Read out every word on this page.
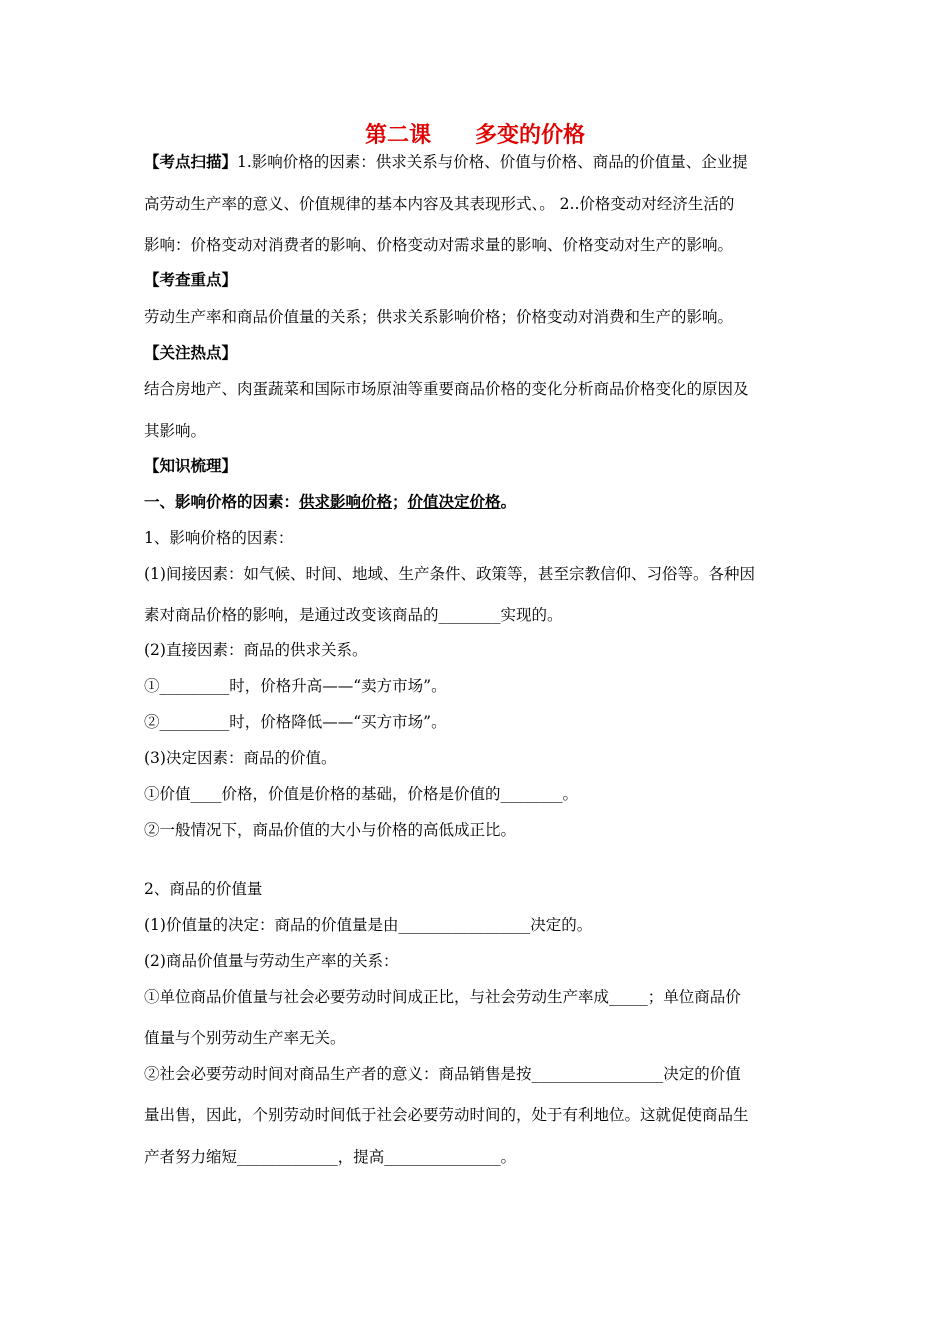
第二课　　多变的价格
【考点扫描】1.影响价格的因素：供求关系与价格、价值与价格、商品的价值量、企业提
高劳动生产率的意义、价值规律的基本内容及其表现形式、。 2..价格变动对经济生活的
影响：价格变动对消费者的影响、价格变动对需求量的影响、价格变动对生产的影响。
【考查重点】
劳动生产率和商品价值量的关系；供求关系影响价格；价格变动对消费和生产的影响。
【关注热点】
结合房地产、肉蛋蔬菜和国际市场原油等重要商品价格的变化分析商品价格变化的原因及
其影响。
【知识梳理】
一、影响价格的因素：供求影响价格；价值决定价格。
1、影响价格的因素：
(1)间接因素：如气候、时间、地域、生产条件、政策等，甚至宗教信仰、习俗等。各种因
素对商品价格的影响，是通过改变该商品的________实现的。
(2)直接因素：商品的供求关系。
①_________时，价格升高——“卖方市场”。
②_________时，价格降低——“买方市场”。
(3)决定因素：商品的价值。
①价值____价格，价值是价格的基础，价格是价值的________。
②一般情况下，商品价值的大小与价格的高低成正比。
2、商品的价值量
(1)价值量的决定：商品的价值量是由_________________决定的。
(2)商品价值量与劳动生产率的关系：
①单位商品价值量与社会必要劳动时间成正比，与社会劳动生产率成_____；单位商品价
值量与个别劳动生产率无关。
②社会必要劳动时间对商品生产者的意义：商品销售是按_________________决定的价值
量出售，因此，个别劳动时间低于社会必要劳动时间的，处于有利地位。这就促使商品生
产者努力缩短_____________，提高_______________。
